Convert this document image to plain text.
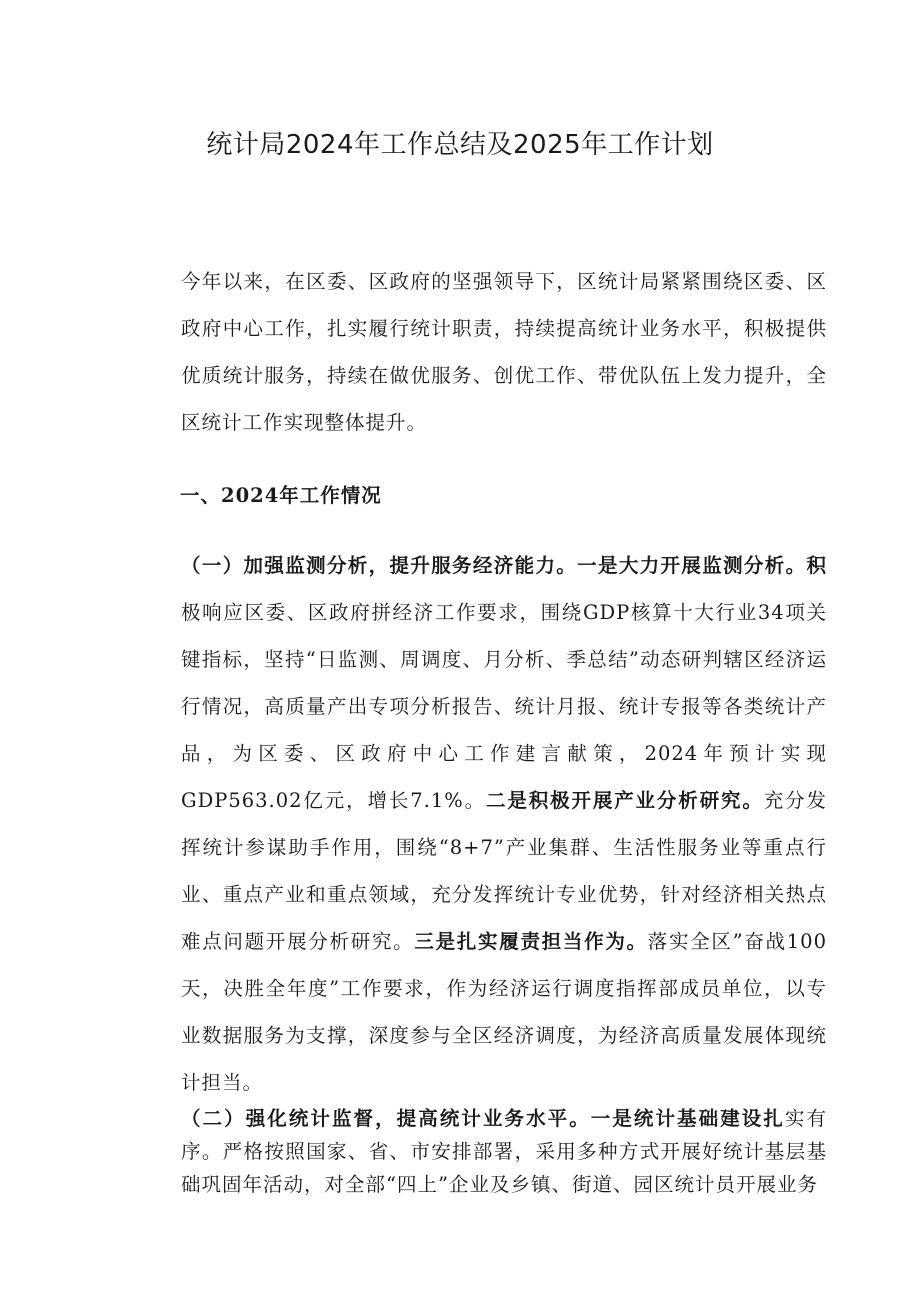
统计局2024年工作总结及2025年工作计划
今年以来，在区委、区政府的坚强领导下，区统计局紧紧围绕区委、区政府中心工作，扎实履行统计职责，持续提高统计业务水平，积极提供优质统计服务，持续在做优服务、创优工作、带优队伍上发力提升，全区统计工作实现整体提升。
一、2024年工作情况
（一）加强监测分析，提升服务经济能力。一是大力开展监测分析。积极响应区委、区政府拼经济工作要求，围绕GDP核算十大行业34项关键指标，坚持“日监测、周调度、月分析、季总结”动态研判辖区经济运行情况，高质量产出专项分析报告、统计月报、统计专报等各类统计产品，为区委、区政府中心工作建言献策，2024年预计实现GDP563.02亿元，增长7.1%。二是积极开展产业分析研究。充分发挥统计参谋助手作用，围绕“8+7”产业集群、生活性服务业等重点行业、重点产业和重点领域，充分发挥统计专业优势，针对经济相关热点难点问题开展分析研究。三是扎实履责担当作为。落实全区”奋战100天，决胜全年度”工作要求，作为经济运行调度指挥部成员单位，以专业数据服务为支撑，深度参与全区经济调度，为经济高质量发展体现统计担当。
（二）强化统计监督，提高统计业务水平。一是统计基础建设扎实有序。严格按照国家、省、市安排部署，采用多种方式开展好统计基层基础巩固年活动，对全部“四上”企业及乡镇、街道、园区统计员开展业务
